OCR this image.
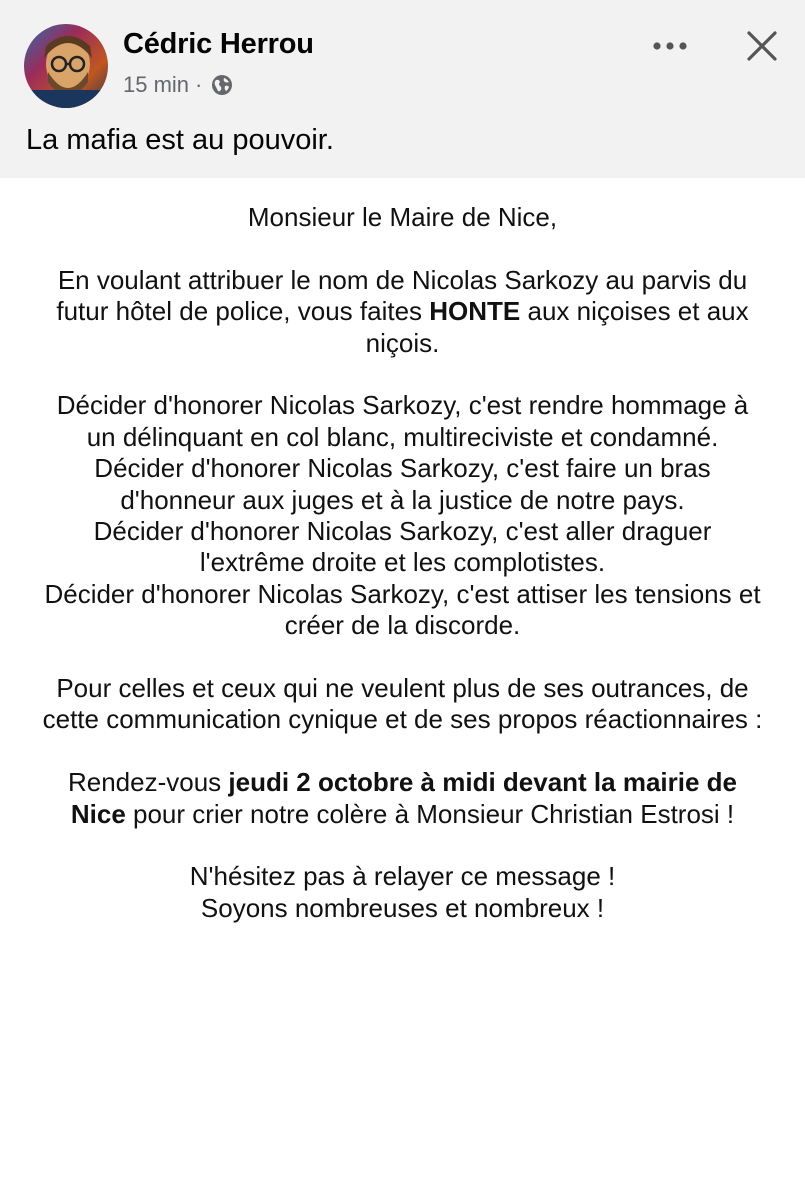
Cédric Herrou
15 min ·
La mafia est au pouvoir.

Monsieur le Maire de Nice,

En voulant attribuer le nom de Nicolas Sarkozy au parvis du futur hôtel de police, vous faites HONTE aux niçoises et aux niçois.

Décider d'honorer Nicolas Sarkozy, c'est rendre hommage à un délinquant en col blanc, multireciviste et condamné.
Décider d'honorer Nicolas Sarkozy, c'est faire un bras d'honneur aux juges et à la justice de notre pays.
Décider d'honorer Nicolas Sarkozy, c'est aller draguer l'extrême droite et les complotistes.
Décider d'honorer Nicolas Sarkozy, c'est attiser les tensions et créer de la discorde.

Pour celles et ceux qui ne veulent plus de ses outrances, de cette communication cynique et de ses propos réactionnaires :

Rendez-vous jeudi 2 octobre à midi devant la mairie de Nice pour crier notre colère à Monsieur Christian Estrosi !

N'hésitez pas à relayer ce message !
Soyons nombreuses et nombreux !
